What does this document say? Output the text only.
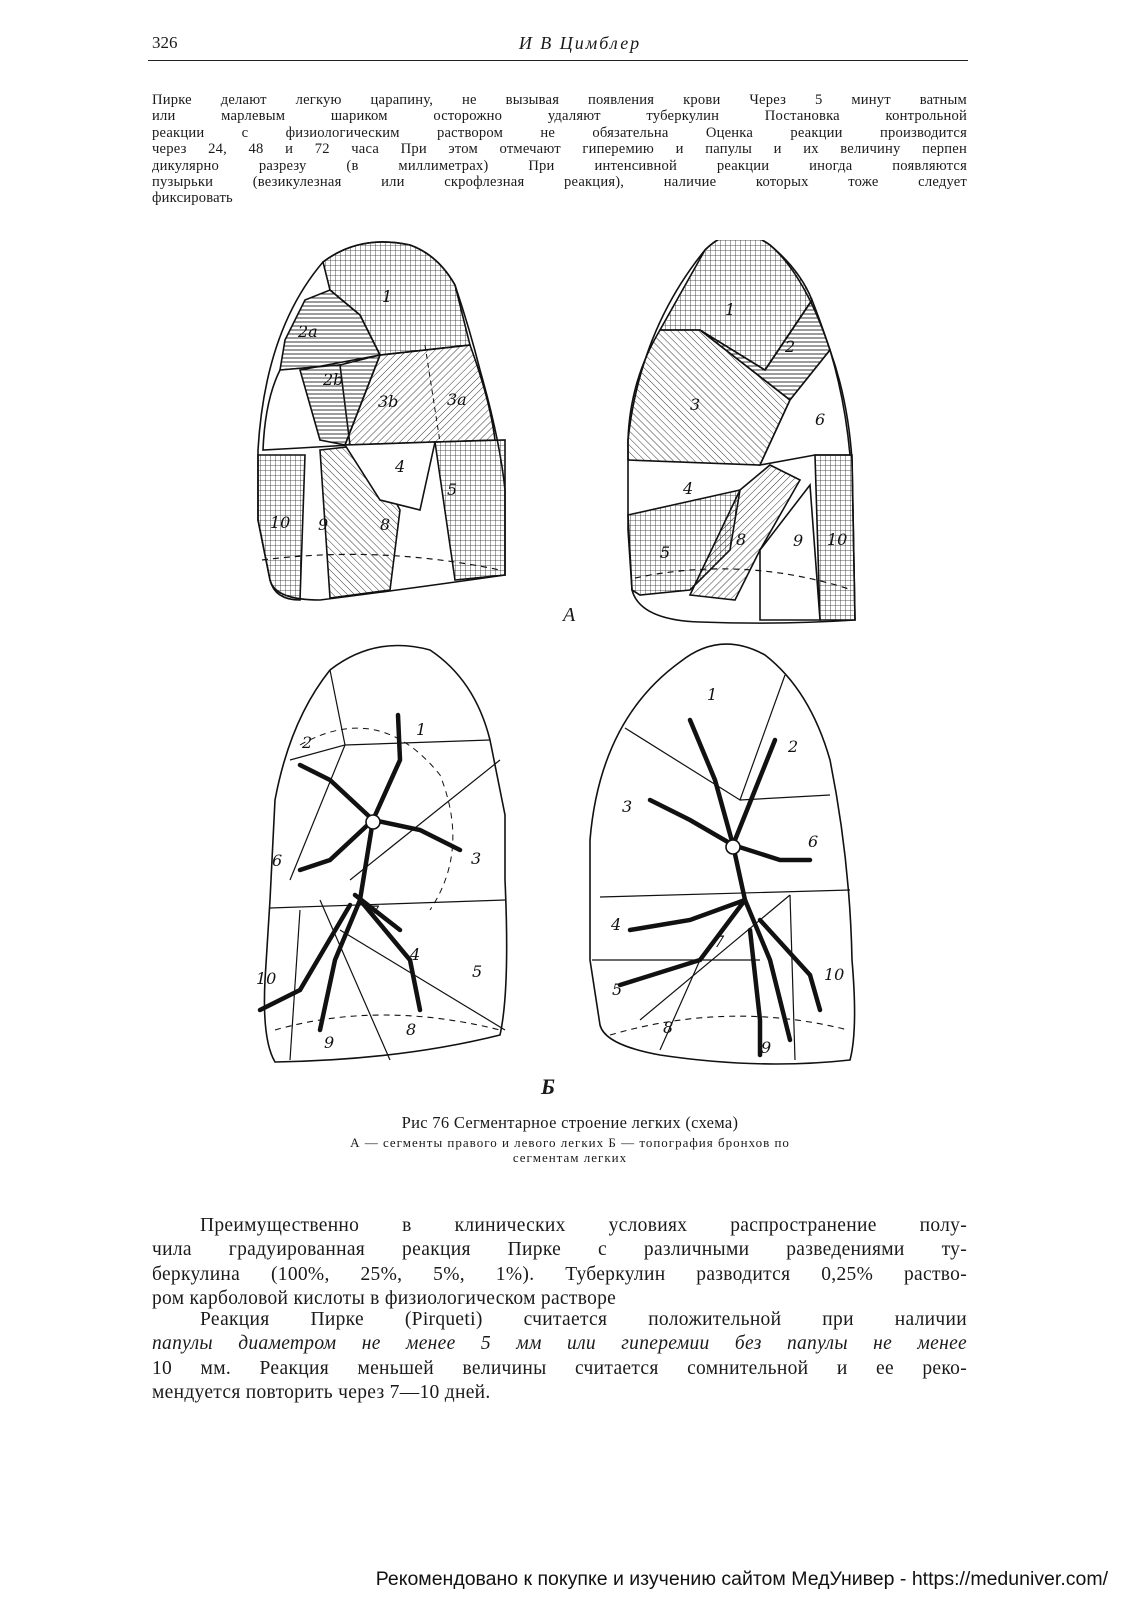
326	И В Цимблер
Пирке делают легкую царапину, не вызывая появления крови Через 5 минут ватным
или марлевым шариком осторожно удаляют туберкулин Постановка контрольной
реакции с физиологическим раствором не обязательна Оценка реакции производится
через 24, 48 и 72 часа При этом отмечают гиперемию и папулы и их величину перпен
дикулярно разрезу (в миллиметрах) При интенсивной реакции иногда появляются
пузырьки (везикулезная или скрофлезная реакция), наличие которых тоже следует
фиксировать
1
2a
2b
3b	3a
4
5
8
9
10
1
2
3
6
4
5
8	9 10
1
2
3
6
7
4
5
10
8
9
1
2
3
6
7
4
5
8
9
10
А
Б
Рис 76 Сегментарное строение легких (схема)
А — сегменты правого и левого легких Б — топография бронхов по
сегментам легких
Преимущественно в клинических условиях распространение полу-
чила градуированная реакция Пирке с различными разведениями ту-
беркулина (100%, 25%, 5%, 1%). Туберкулин разводится 0,25% раство-
ром карболовой кислоты в физиологическом растворе
Реакция Пирке (Pirqueti) считается положительной при наличии
папулы диаметром не менее 5 мм или гиперемии без папулы не менее
10 мм. Реакция меньшей величины считается сомнительной и ее реко-
мендуется повторить через 7—10 дней.
Рекомендовано к покупке и изучению сайтом МедУнивер - https://meduniver.com/
